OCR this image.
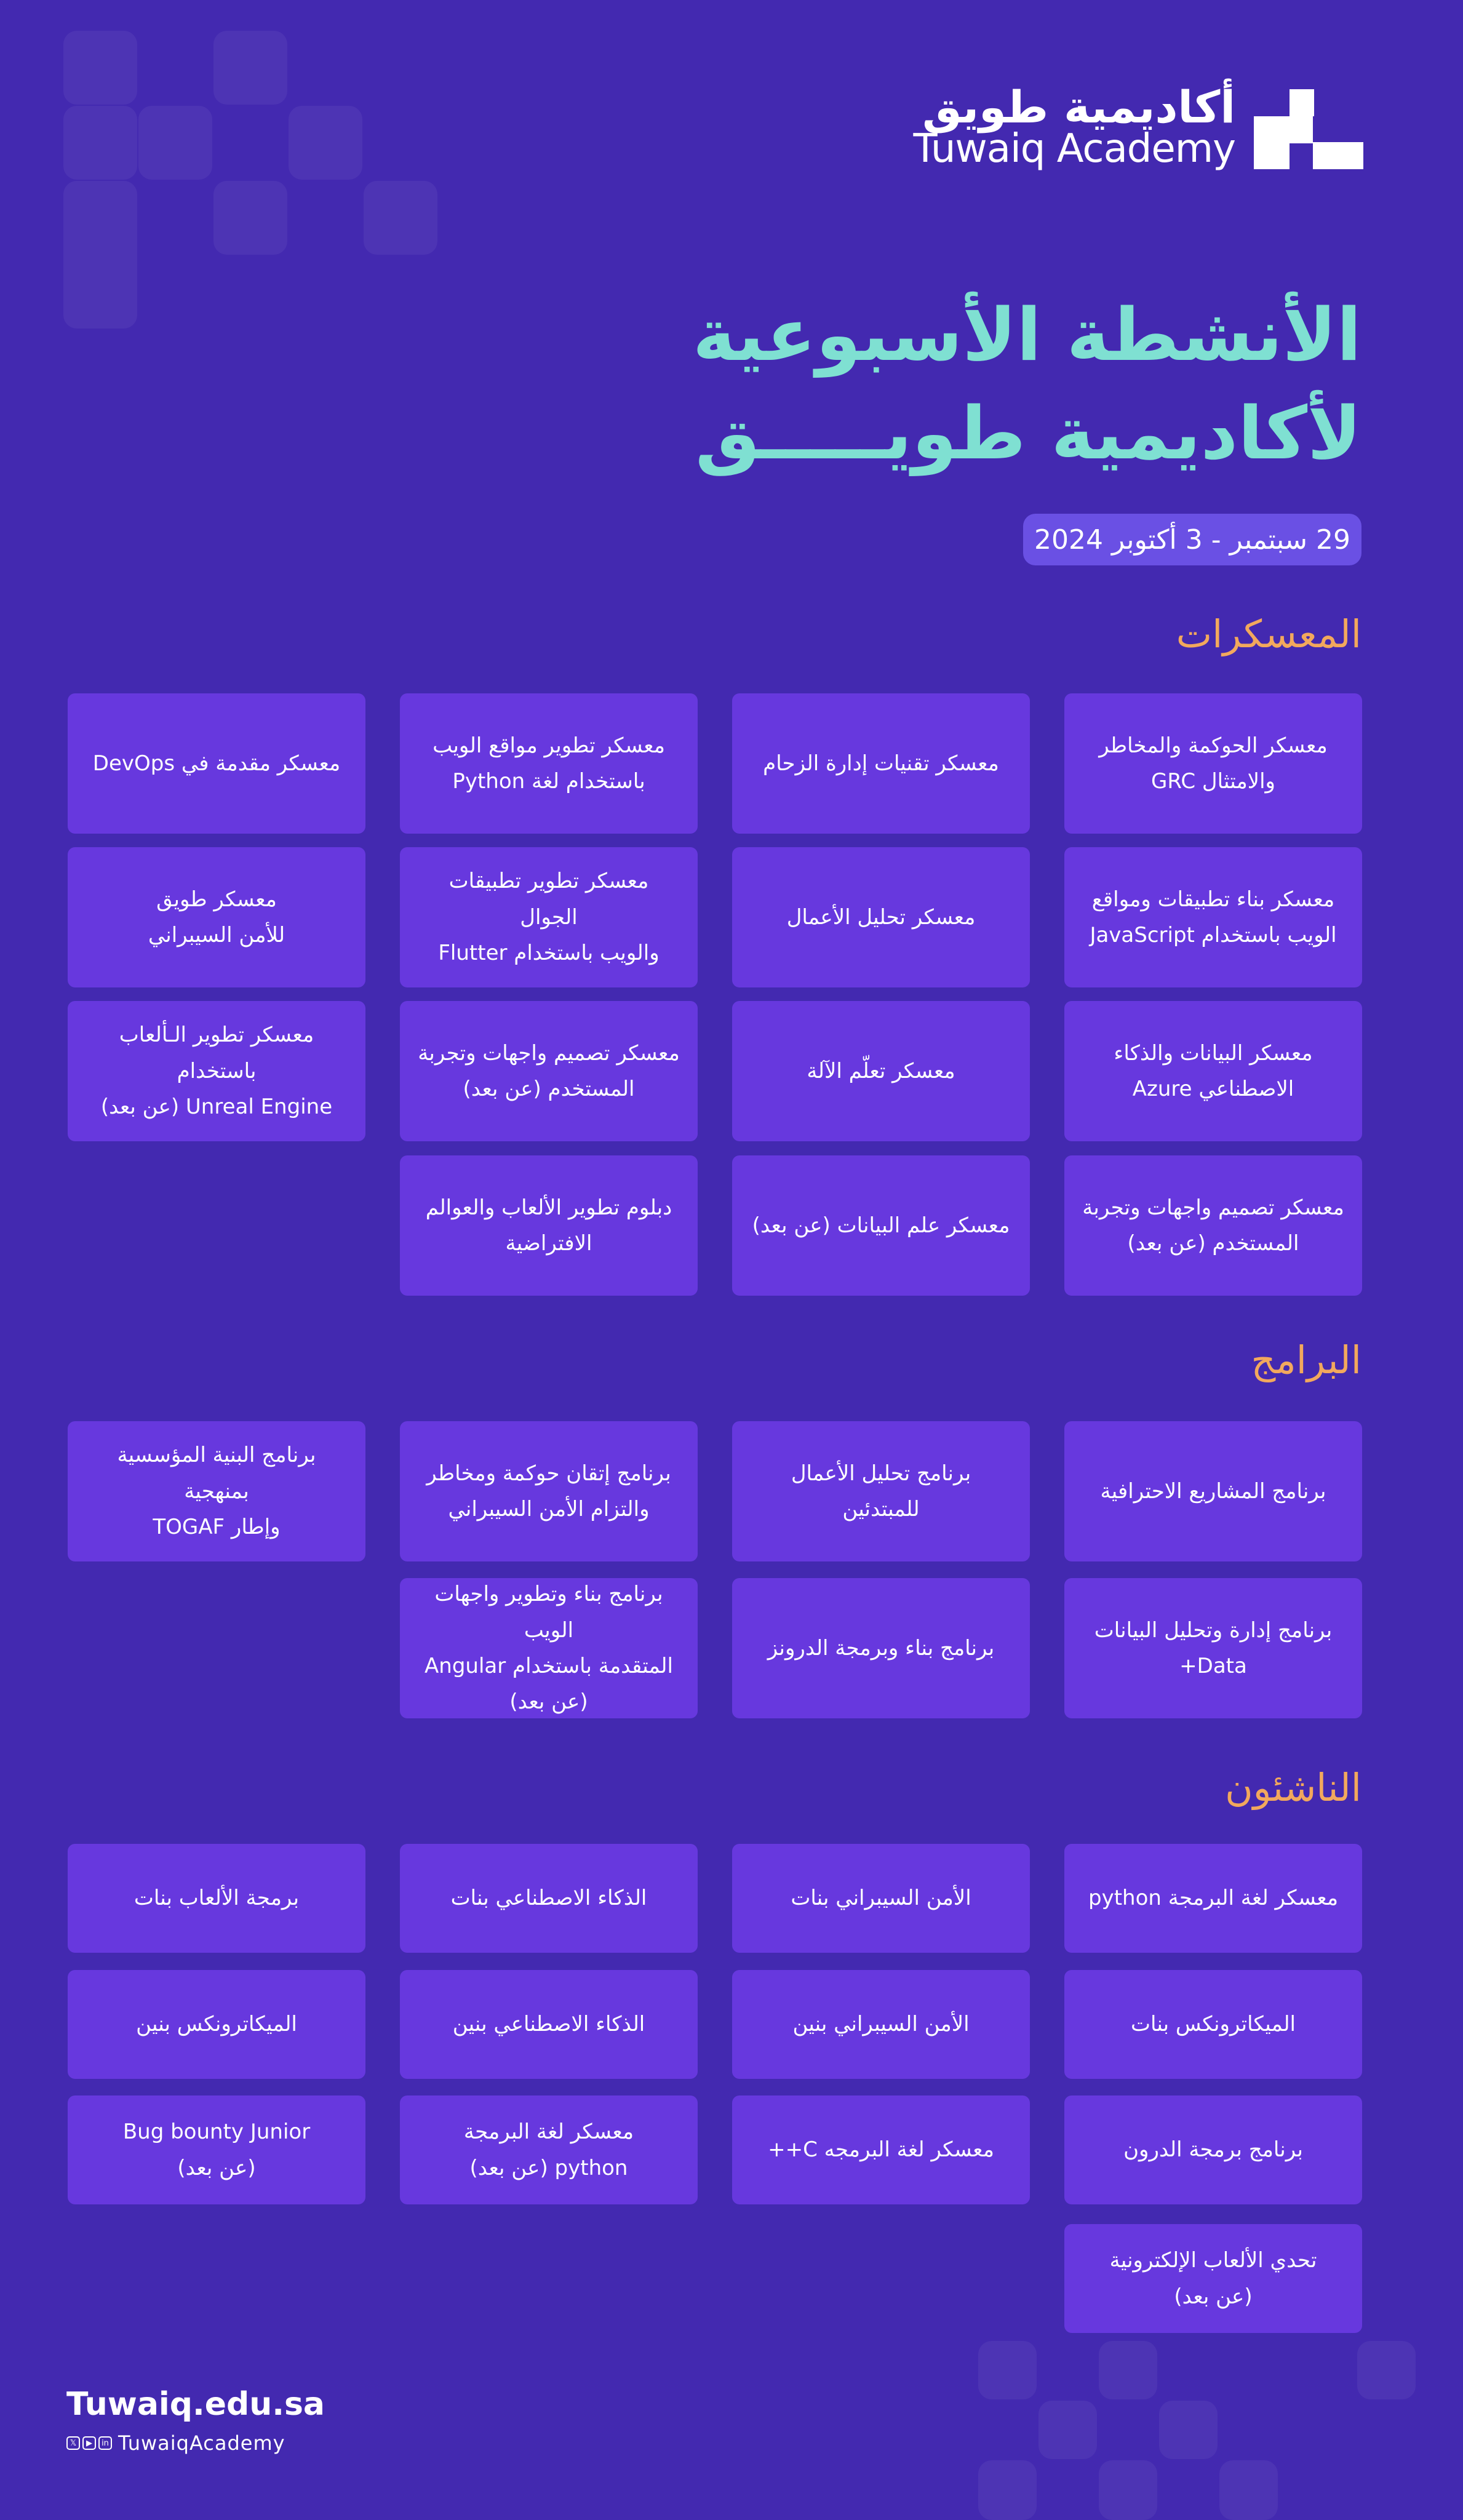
أكاديمية طويق
Tuwaiq Academy
الأنشطة الأسبوعية
لأكاديمية طويـــــق
29 سبتمبر - 3 أكتوبر 2024
المعسكرات
معسكر الحوكمة والمخاطر
والامتثال GRC
معسكر تقنيات إدارة الزحام
معسكر تطوير مواقع الويب
باستخدام لغة Python
معسكر مقدمة في DevOps
معسكر بناء تطبيقات ومواقع
الويب باستخدام JavaScript
معسكر تحليل الأعمال
معسكر تطوير تطبيقات الجوال
والويب باستخدام Flutter
معسكر طويق
للأمن السيبراني
معسكر البيانات والذكاء
الاصطناعي Azure
معسكر تعلّم الآلة
معسكر تصميم واجهات وتجربة
المستخدم (عن بعد)
معسكر تطوير الـألعاب باستخدام
Unreal Engine (عن بعد)
معسكر تصميم واجهات وتجربة
المستخدم (عن بعد)
معسكر علم البيانات (عن بعد)
دبلوم تطوير الألعاب والعوالم
الافتراضية
البرامج
برنامج المشاريع الاحترافية
برنامج تحليل الأعمال للمبتدئين
برنامج إتقان حوكمة ومخاطر
والتزام الأمن السيبراني
برنامج البنية المؤسسية بمنهجية
وإطار TOGAF
برنامج إدارة وتحليل البيانات
Data+
برنامج بناء وبرمجة الدرونز
برنامج بناء وتطوير واجهات الويب
المتقدمة باستخدام Angular
(عن بعد)
الناشئون
معسكر لغة البرمجة python
الأمن السيبراني بنات
الذكاء الاصطناعي بنات
برمجة الألعاب بنات
الميكاترونكس بنات
الأمن السيبراني بنين
الذكاء الاصطناعي بنين
الميكاترونكس بنين
برنامج برمجة الدرون
معسكر لغة البرمجه C++
معسكر لغة البرمجة
python (عن بعد)
Bug bounty Junior
(عن بعد)
تحدي الألعاب الإلكترونية
(عن بعد)
Tuwaiq.edu.sa
𝕏	▶	in TuwaiqAcademy
